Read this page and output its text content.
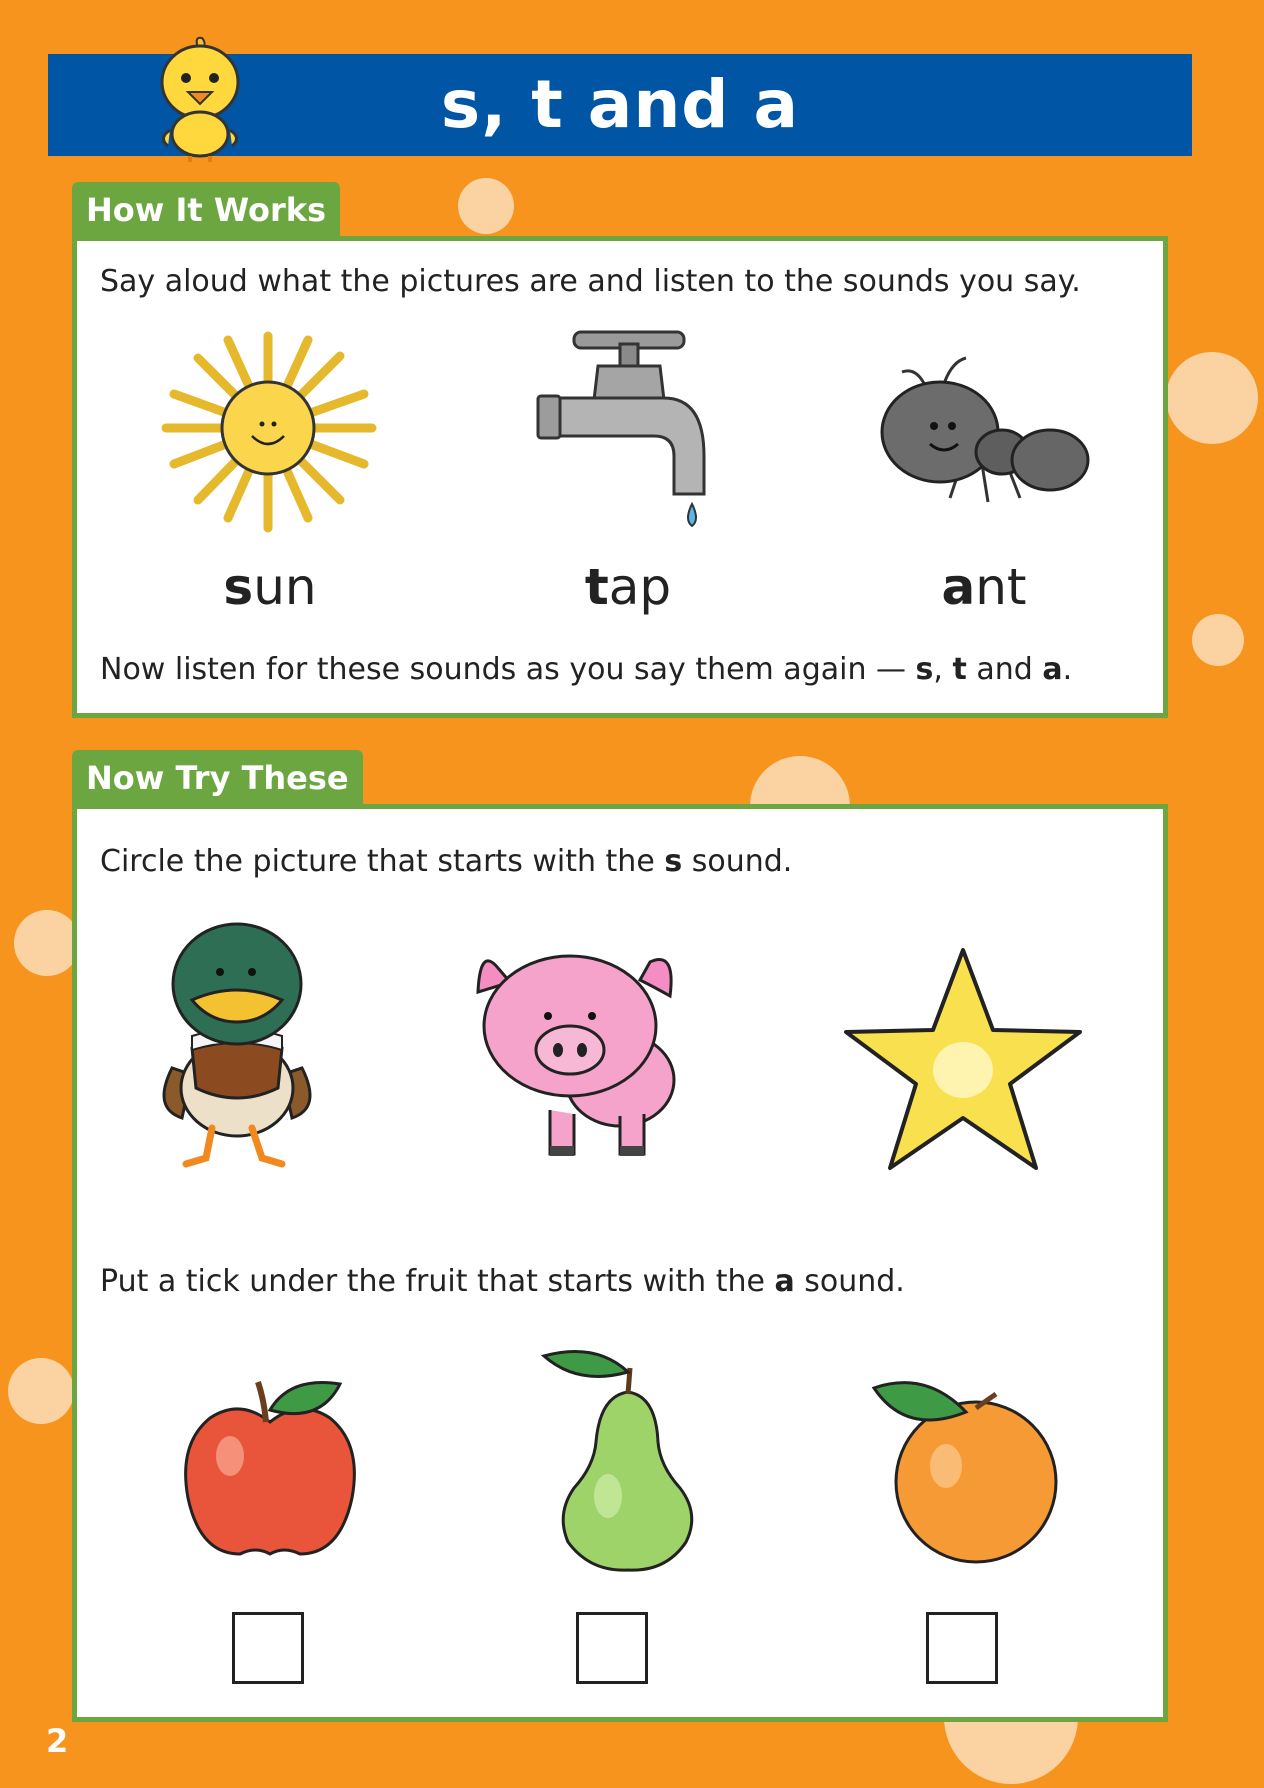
s, t and a
How It Works
Say aloud what the pictures are and listen to the sounds you say.
sun	tap	ant
Now listen for these sounds as you say them again — s, t and a.
Now Try These
Circle the picture that starts with the s sound.
Put a tick under the fruit that starts with the a sound.
2
